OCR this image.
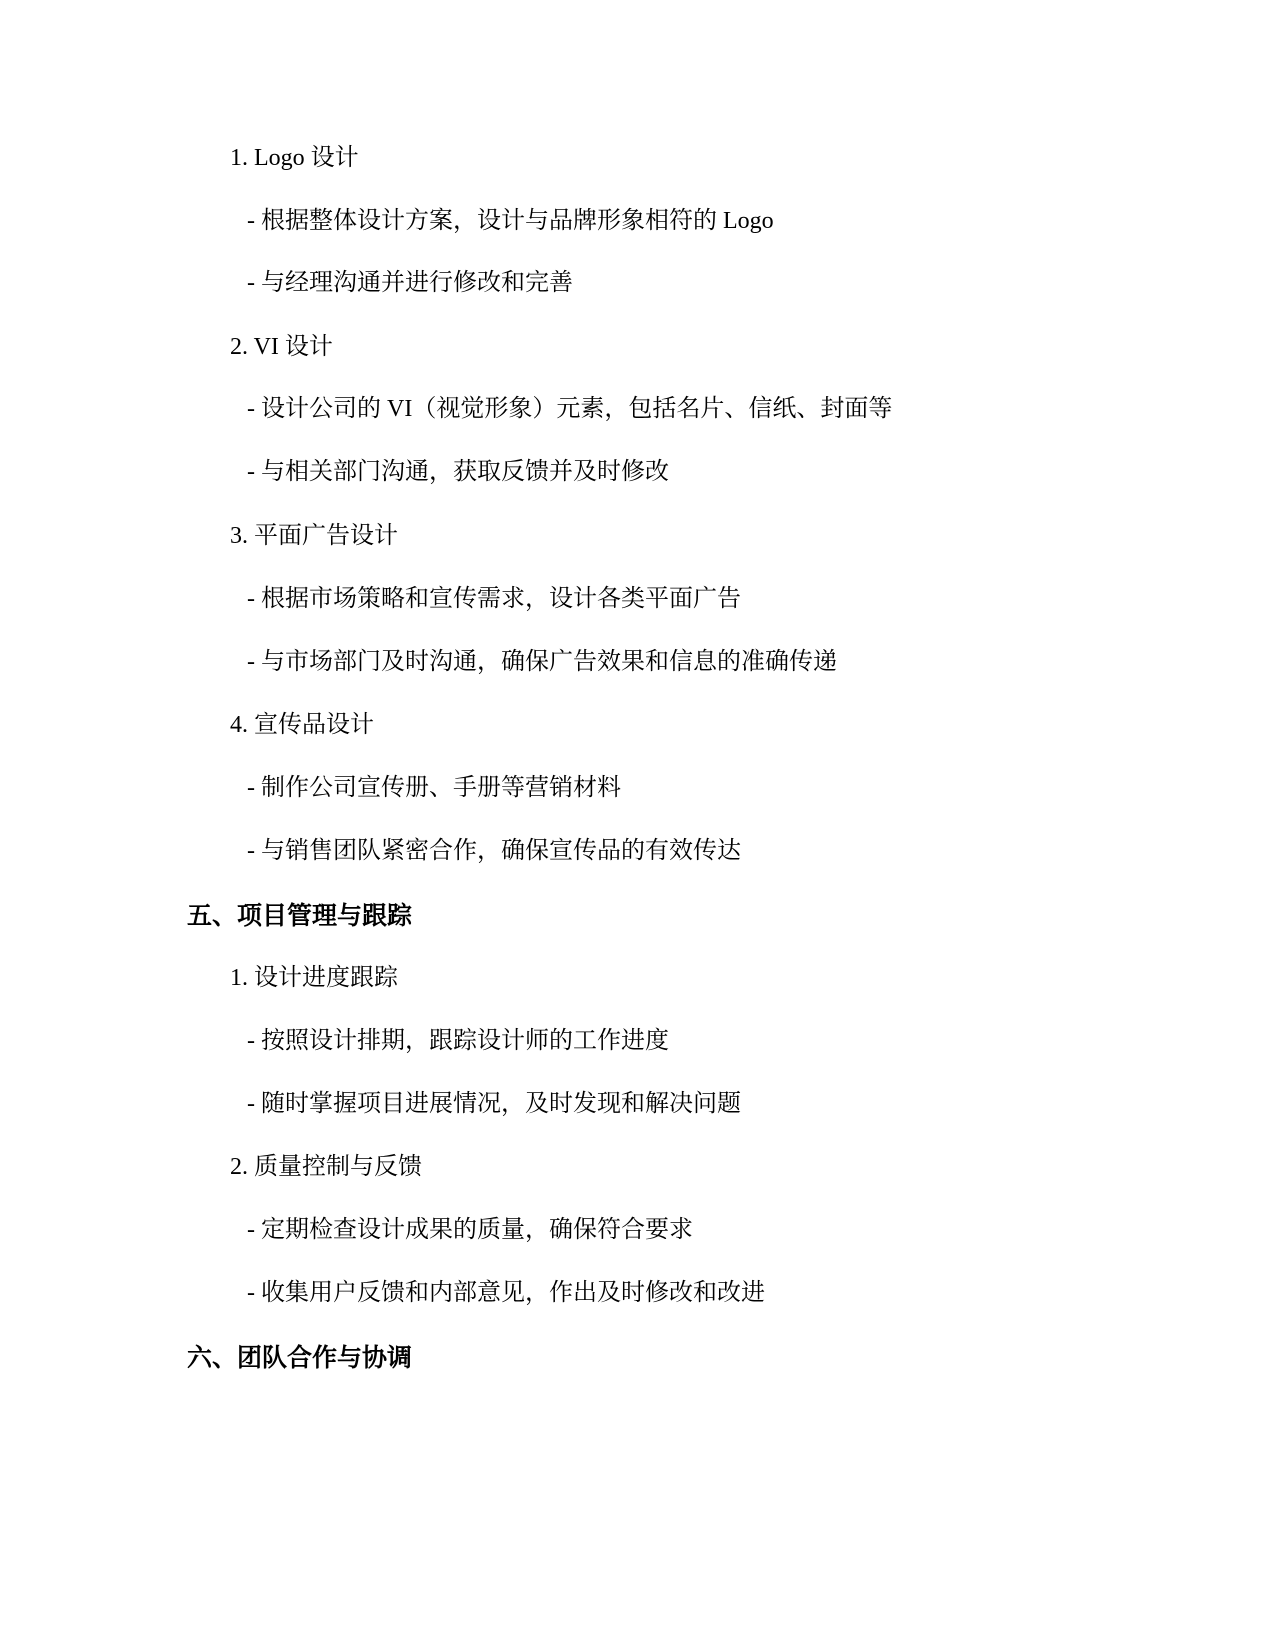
1. Logo 设计
- 根据整体设计方案，设计与品牌形象相符的 Logo
- 与经理沟通并进行修改和完善
2. VI 设计
- 设计公司的 VI（视觉形象）元素，包括名片、信纸、封面等
- 与相关部门沟通，获取反馈并及时修改
3. 平面广告设计
- 根据市场策略和宣传需求，设计各类平面广告
- 与市场部门及时沟通，确保广告效果和信息的准确传递
4. 宣传品设计
- 制作公司宣传册、手册等营销材料
- 与销售团队紧密合作，确保宣传品的有效传达
五、项目管理与跟踪
1. 设计进度跟踪
- 按照设计排期，跟踪设计师的工作进度
- 随时掌握项目进展情况，及时发现和解决问题
2. 质量控制与反馈
- 定期检查设计成果的质量，确保符合要求
- 收集用户反馈和内部意见，作出及时修改和改进
六、团队合作与协调
